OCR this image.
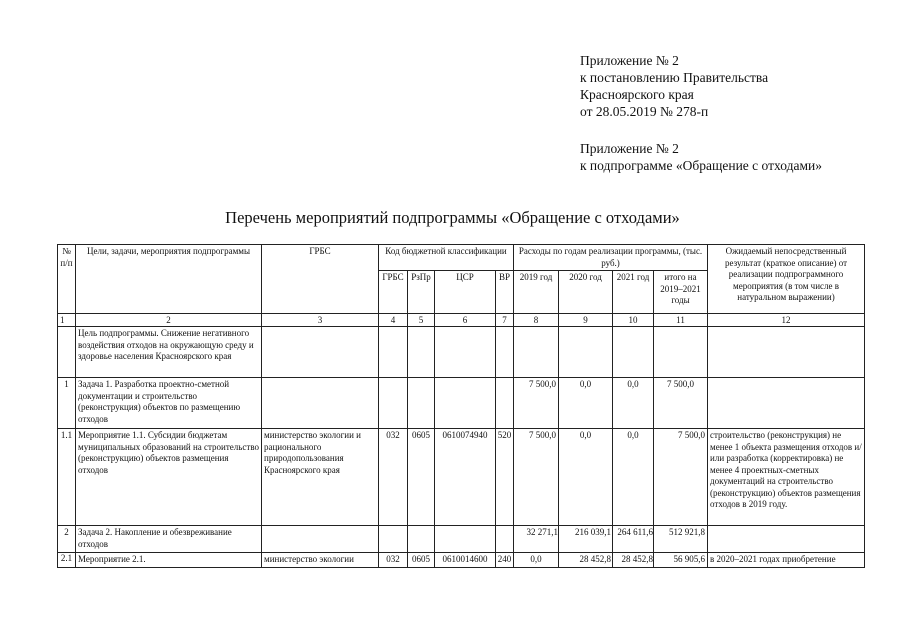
Приложение № 2
к постановлению Правительства
Красноярского края
от 28.05.2019 № 278-п
Приложение № 2
к подпрограмме «Обращение с отходами»
Перечень мероприятий подпрограммы «Обращение с отходами»
№ п/п	Цели, задачи, мероприятия подпрограммы	ГРБС	Код бюджетной классификации				Расходы по годам реализации программы, (тыс. руб.)				Ожидаемый непосредственный результат (краткое описание) от реализации подпрограммного мероприятия (в том числе в натуральном выражении)
			ГРБС	РзПр	ЦСР	ВР	2019 год	2020 год	2021 год	итого на 2019–2021 годы	
1	2	3	4	5	6	7	8	9	10	11	12
	Цель подпрограммы. Снижение негативного воздействия отходов на окружающую среду и здоровье населения Красноярского края										
1	Задача 1. Разработка проектно-сметной документации и строительство (реконструкция) объектов по размещению отходов						7 500,0	0,0	0,0	7 500,0	
1.1	Мероприятие 1.1. Субсидии бюджетам муниципальных образований на строительство (реконструкцию) объектов размещения отходов	министерство экологии и рационального природопользования Красноярского края	032	0605	0610074940	520	7 500,0	0,0	0,0	7 500,0	строительство (реконструкция) не менее 1 объекта размещения отходов и/или разработка (корректировка) не менее 4 проектных-сметных документаций на строительство (реконструкцию) объектов размещения отходов в 2019 году.
2	Задача 2. Накопление и обезвреживание отходов						32 271,1	216 039,1	264 611,6	512 921,8	
2.1	Мероприятие 2.1.	министерство экологии	032	0605	0610014600	240	0,0	28 452,8	28 452,8	56 905,6	в 2020–2021 годах приобретение
